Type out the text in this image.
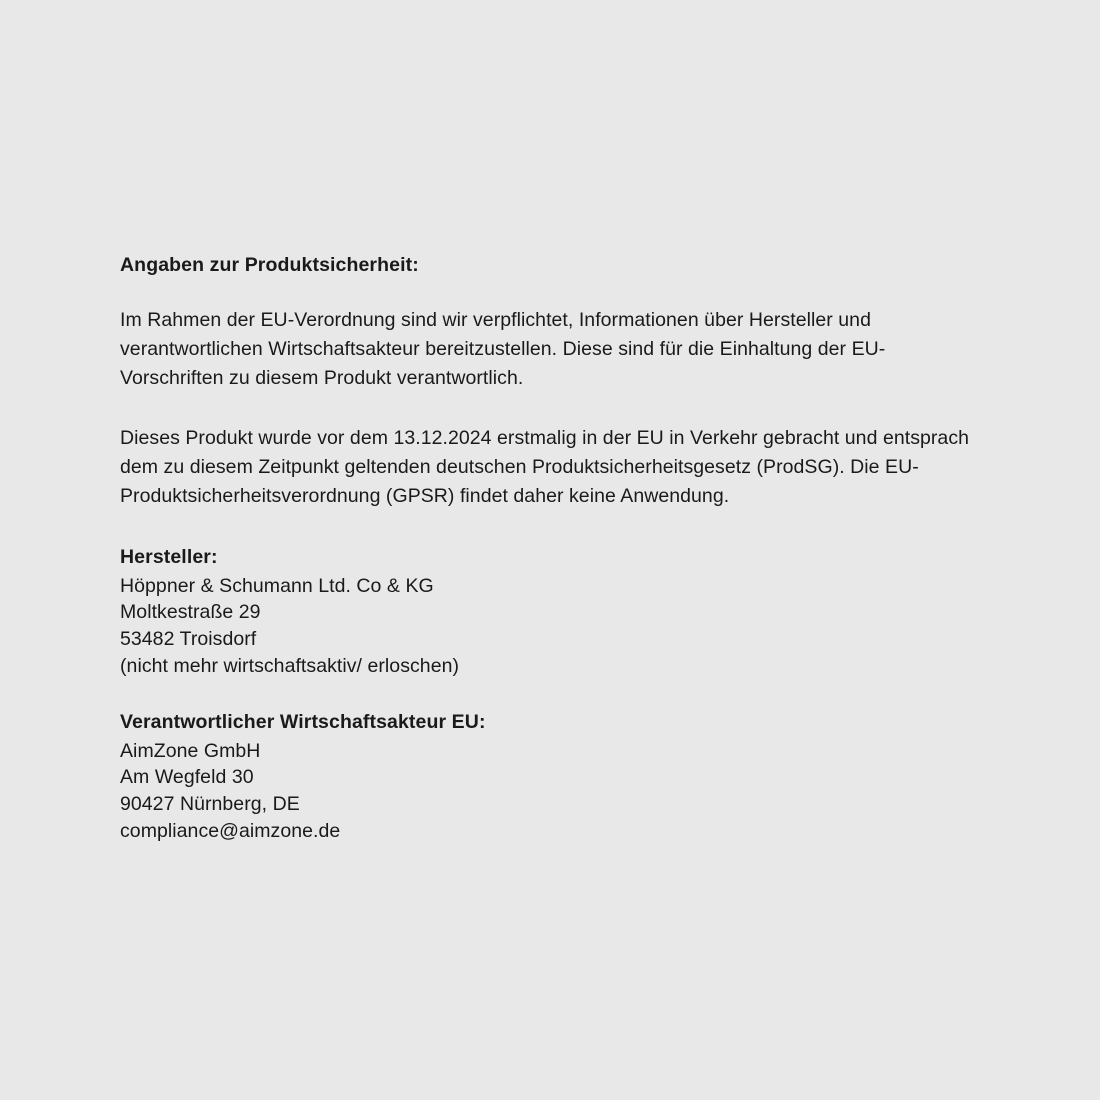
Angaben zur Produktsicherheit:

Im Rahmen der EU-Verordnung sind wir verpflichtet, Informationen über Hersteller und verantwortlichen Wirtschaftsakteur bereitzustellen. Diese sind für die Einhaltung der EU-Vorschriften zu diesem Produkt verantwortlich.

Dieses Produkt wurde vor dem 13.12.2024 erstmalig in der EU in Verkehr gebracht und entsprach dem zu diesem Zeitpunkt geltenden deutschen Produktsicherheitsgesetz (ProdSG). Die EU-Produktsicherheitsverordnung (GPSR) findet daher keine Anwendung.

Hersteller:

Höppner & Schumann Ltd. Co & KG

Moltkestraße 29

53482 Troisdorf

(nicht mehr wirtschaftsaktiv/ erloschen)

Verantwortlicher Wirtschaftsakteur EU:

AimZone GmbH

Am Wegfeld 30

90427 Nürnberg, DE

compliance@aimzone.de
